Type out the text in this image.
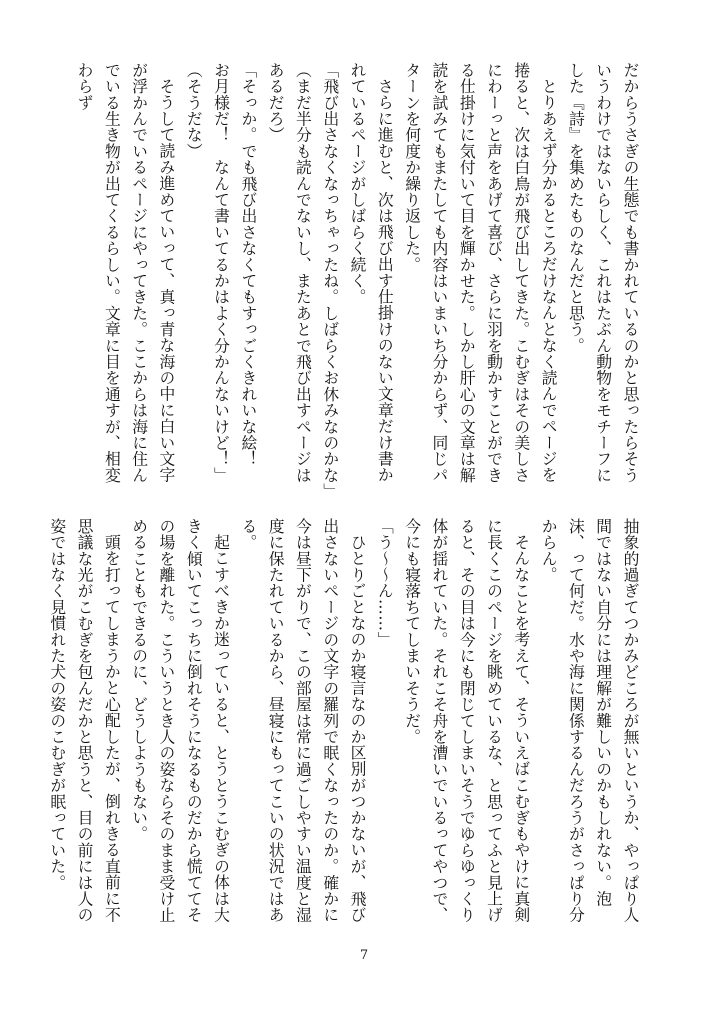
だからうさぎの生態でも書かれているのかと思ったらそういうわけではないらしく、これはたぶん動物をモチーフにした『詩』を集めたものなんだと思う。

とりあえず分かるところだけなんとなく読んでページを捲ると、次は白鳥が飛び出してきた。こむぎはその美しさにわーっと声をあげて喜び、さらに羽を動かすことができる仕掛けに気付いて目を輝かせた。しかし肝心の文章は解読を試みてもまたしても内容はいまいち分からず、同じパターンを何度か繰り返した。

さらに進むと、次は飛び出す仕掛けのない文章だけ書かれているページがしばらく続く。

「飛び出さなくなっちゃったね。しばらくお休みなのかな」

（まだ半分も読んでないし、またあとで飛び出すページはあるだろ）

「そっか。でも飛び出さなくてもすっごくきれいな絵！　お月様だ！　なんて書いてるかはよく分かんないけど！」

（そうだな）

そうして読み進めていって、真っ青な海の中に白い文字が浮かんでいるページにやってきた。ここからは海に住んでいる生き物が出てくるらしい。文章に目を通すが、相変わらず

抽象的過ぎてつかみどころが無いというか、やっぱり人間ではない自分には理解が難しいのかもしれない。泡沫、って何だ。水や海に関係するんだろうがさっぱり分からん。

そんなことを考えて、そういえばこむぎもやけに真剣に長くこのページを眺めているな、と思ってふと見上げると、その目は今にも閉じてしまいそうでゆらゆっくり体が揺れていた。それこそ舟を漕いでいるってやつで、今にも寝落ちてしまいそうだ。

「う〜〜ん……」

ひとりごとなのか寝言なのか区別がつかないが、飛び出さないページの文字の羅列で眠くなったのか。確かに今は昼下がりで、この部屋は常に過ごしやすい温度と湿度に保たれているから、昼寝にもってこいの状況ではある。

起こすべきか迷っていると、とうとうこむぎの体は大きく傾いてこっちに倒れそうになるものだから慌ててその場を離れた。こういうとき人の姿ならそのまま受け止めることもできるのに、どうしようもない。

頭を打ってしまうかと心配したが、倒れきる直前に不思議な光がこむぎを包んだかと思うと、目の前には人の姿ではなく見慣れた犬の姿のこむぎが眠っていた。

7
